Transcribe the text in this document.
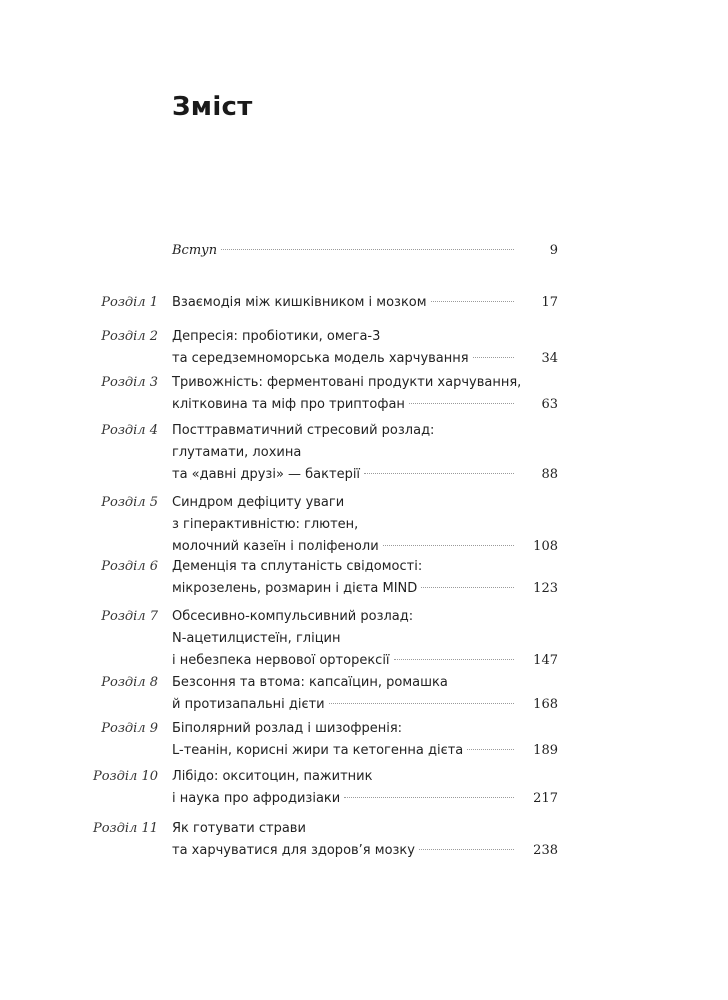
Зміст
Вступ	9
Розділ 1 Взаємодія між кишківником і мозком	17
Розділ 2 Депресія: пробіотики, омега-3
та середземноморська модель харчування	34
Розділ 3 Тривожність: ферментовані продукти харчування,
клітковина та міф про триптофан	63
Розділ 4 Посттравматичний стресовий розлад:
глутамати, лохина
та «давні друзі» — бактерії	88
Розділ 5 Синдром дефіциту уваги
з гіперактивністю: глютен,
молочний казеїн і поліфеноли	108
Розділ 6 Деменція та сплутаність свідомості:
мікрозелень, розмарин і дієта MIND	123
Розділ 7 Обсесивно-компульсивний розлад:
N-ацетилцистеїн, гліцин
і небезпека нервової орторексії	147
Розділ 8 Безсоння та втома: капсаїцин, ромашка
й протизапальні дієти	168
Розділ 9 Біполярний розлад і шизофренія:
L-теанін, корисні жири та кетогенна дієта	189
Розділ 10 Лібідо: окситоцин, пажитник
і наука про афродизіаки	217
Розділ 11 Як готувати страви
та харчуватися для здоров’я мозку	238
